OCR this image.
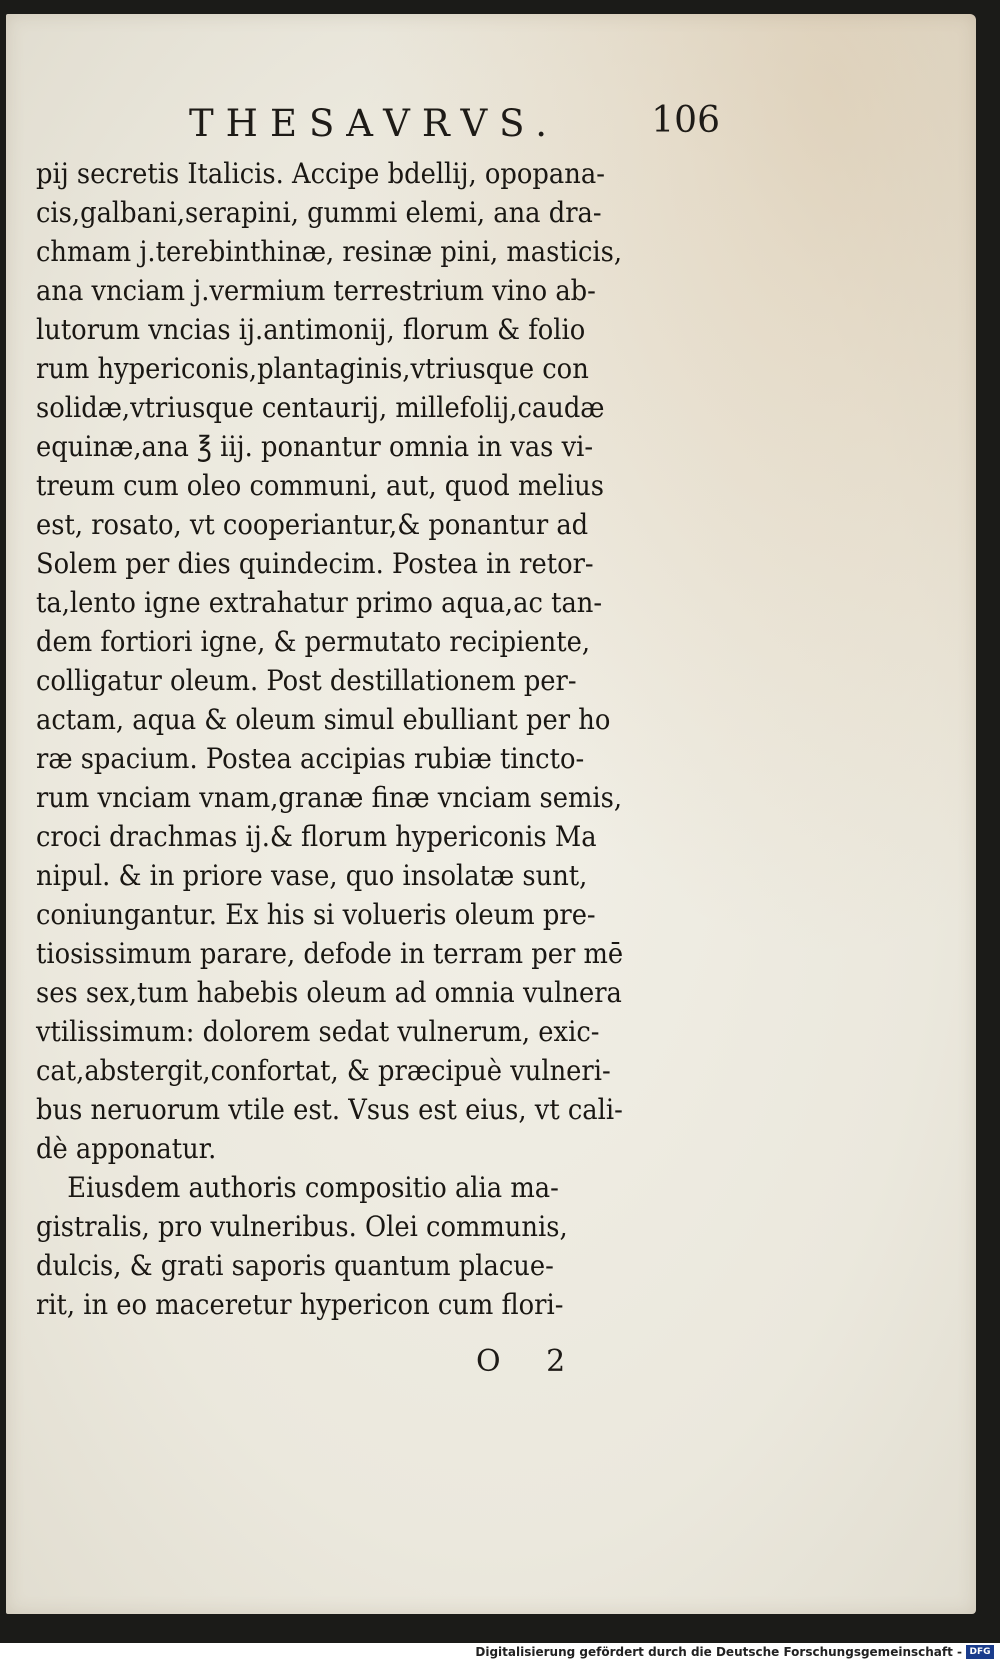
THESAVRVS.	106
pij secretis Italicis. Accipe bdellij, opopana-
cis,galbani,serapini, gummi elemi, ana dra-
chmam j.terebinthinæ, resinæ pini, masticis,
ana vnciam j.vermium terrestrium vino ab-
lutorum vncias ij.antimonij, florum & folio
rum hypericonis,plantaginis,vtriusque con
solidæ,vtriusque centaurij, millefolij,caudæ
equinæ,ana ℥ iij. ponantur omnia in vas vi-
treum cum oleo communi, aut, quod melius
est, rosato, vt cooperiantur,& ponantur ad
Solem per dies quindecim. Postea in retor-
ta,lento igne extrahatur primo aqua,ac tan-
dem fortiori igne, & permutato recipiente,
colligatur oleum. Post destillationem per-
actam, aqua & oleum simul ebulliant per ho
ræ spacium. Postea accipias rubiæ tincto-
rum vnciam vnam,granæ finæ vnciam semis,
croci drachmas ij.& florum hypericonis Ma
nipul. & in priore vase, quo insolatæ sunt,
coniungantur. Ex his si volueris oleum pre-
tiosissimum parare, defode in terram per mē
ses sex,tum habebis oleum ad omnia vulnera
vtilissimum: dolorem sedat vulnerum, exic-
cat,abstergit,confortat, & præcipuè vulneri-
bus neruorum vtile est. Vsus est eius, vt cali-
dè apponatur.
Eiusdem authoris compositio alia ma-
gistralis, pro vulneribus. Olei communis,
dulcis, & grati saporis quantum placue-
rit, in eo maceretur hypericon cum flori-
O 2
Digitalisierung gefördert durch die Deutsche Forschungsgemeinschaft - DFG
